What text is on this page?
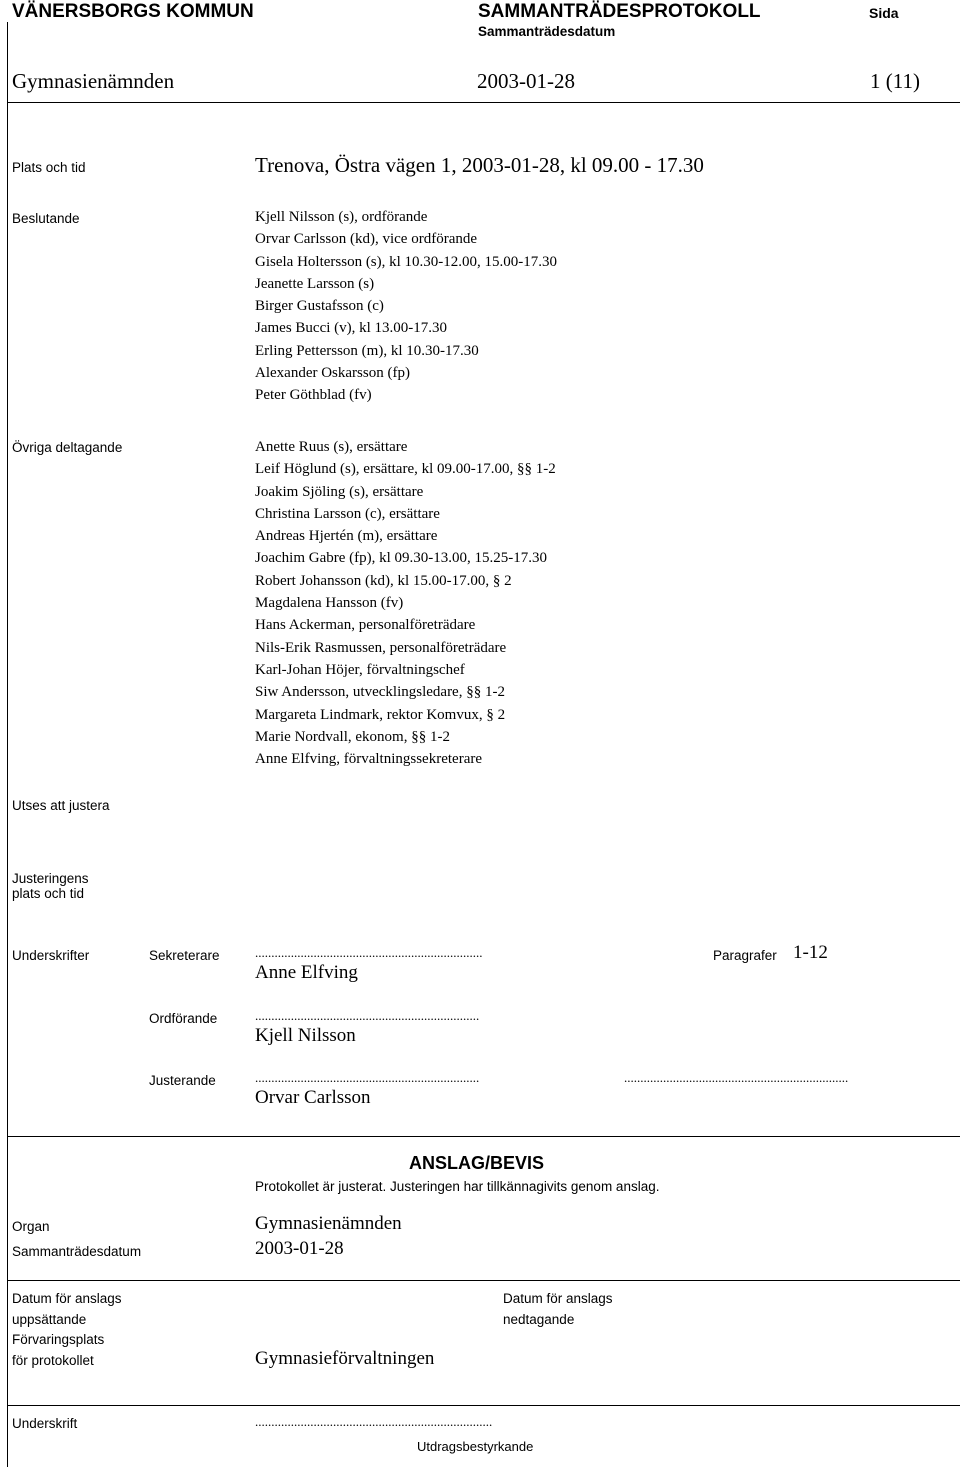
VÄNERSBORGS KOMMUN	SAMMANTRÄDESPROTOKOLL
Sammanträdesdatum
Sida
Gymnasienämnden	2003-01-28	1 (11)
Plats och tid	Trenova, Östra vägen 1, 2003-01-28, kl 09.00 - 17.30
Beslutande	Kjell Nilsson (s), ordförande
Orvar Carlsson (kd), vice ordförande
Gisela Holtersson (s), kl 10.30-12.00, 15.00-17.30
Jeanette Larsson (s)
Birger Gustafsson (c)
James Bucci (v), kl 13.00-17.30
Erling Pettersson (m), kl 10.30-17.30
Alexander Oskarsson (fp)
Peter Göthblad (fv)
Övriga deltagande	Anette Ruus (s), ersättare
Leif Höglund (s), ersättare, kl 09.00-17.00, §§ 1-2
Joakim Sjöling (s), ersättare
Christina Larsson (c), ersättare
Andreas Hjertén (m), ersättare
Joachim Gabre (fp), kl 09.30-13.00, 15.25-17.30
Robert Johansson (kd), kl 15.00-17.00, § 2
Magdalena Hansson (fv)
Hans Ackerman, personalföreträdare
Nils-Erik Rasmussen, personalföreträdare
Karl-Johan Höjer, förvaltningschef
Siw Andersson, utvecklingsledare, §§ 1-2
Margareta Lindmark, rektor Komvux, § 2
Marie Nordvall, ekonom, §§ 1-2
Anne Elfving, förvaltningssekreterare
Utses att justera
Justeringens
plats och tid
Underskrifter	Sekreterare	......................................................................
Anne Elfving
Paragrafer 1-12
Ordförande	.....................................................................
Kjell Nilsson
Justerande	.....................................................................	.....................................................................
Orvar Carlsson
ANSLAG/BEVIS
Protokollet är justerat. Justeringen har tillkännagivits genom anslag.
Organ	Gymnasienämnden
Sammanträdesdatum	2003-01-28
Datum för anslags
uppsättande
Datum för anslags
nedtagande
Förvaringsplats
för protokollet	Gymnasieförvaltningen
Underskrift	.........................................................................
Utdragsbestyrkande
